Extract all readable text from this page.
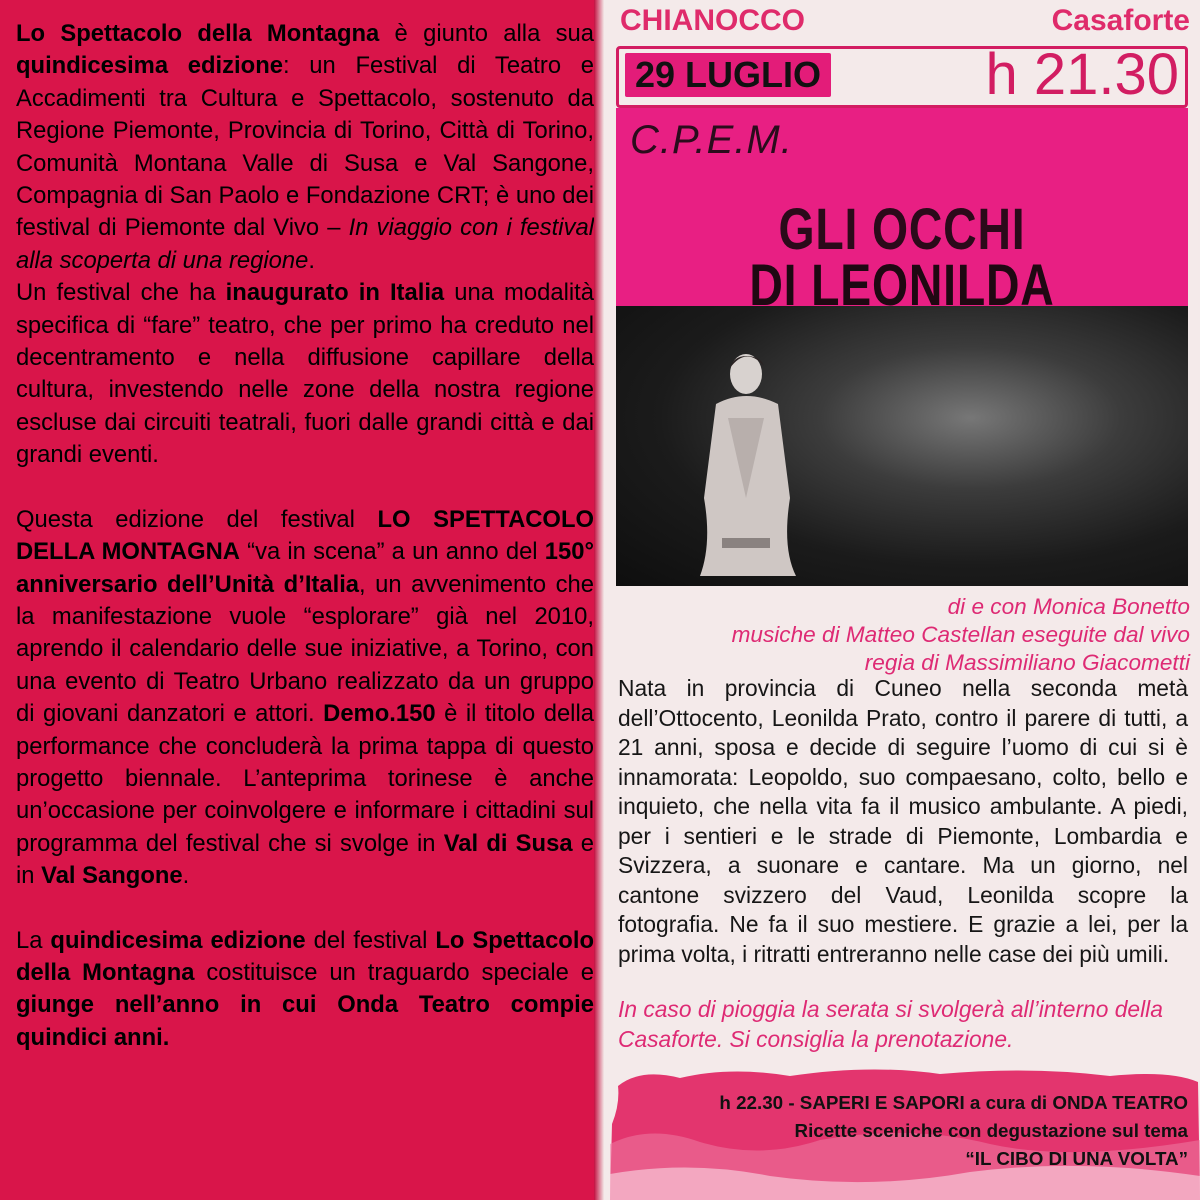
Lo Spettacolo della Montagna è giunto alla sua quindicesima edizione: un Festival di Teatro e Accadimenti tra Cultura e Spettacolo, sostenuto da Regione Piemonte, Provincia di Torino, Città di Torino, Comunità Montana Valle di Susa e Val Sangone, Compagnia di San Paolo e Fondazione CRT; è uno dei festival di Piemonte dal Vivo – In viaggio con i festival alla scoperta di una regione.

Un festival che ha inaugurato in Italia una modalità specifica di “fare” teatro, che per primo ha creduto nel decentramento e nella diffusione capillare della cultura, investendo nelle zone della nostra regione escluse dai circuiti teatrali, fuori dalle grandi città e dai grandi eventi.

Questa edizione del festival LO SPETTACOLO DELLA MONTAGNA “va in scena” a un anno del 150° anniversario dell’Unità d’Italia, un avvenimento che la manifestazione vuole “esplorare” già nel 2010, aprendo il calendario delle sue iniziative, a Torino, con una evento di Teatro Urbano realizzato da un gruppo di giovani danzatori e attori. Demo.150 è il titolo della performance che concluderà la prima tappa di questo progetto biennale. L’anteprima torinese è anche un’occasione per coinvolgere e informare i cittadini sul programma del festival che si svolge in Val di Susa e in Val Sangone.

La quindicesima edizione del festival Lo Spettacolo della Montagna costituisce un traguardo speciale e giunge nell’anno in cui Onda Teatro compie quindici anni.

CHIANOCCO	Casaforte
29 LUGLIO	h 21.30
C.P.E.M.
GLI OCCHI
DI LEONILDA
di e con Monica Bonetto
musiche di Matteo Castellan eseguite dal vivo
regia di Massimiliano Giacometti
Nata in provincia di Cuneo nella seconda metà dell’Ottocento, Leonilda Prato, contro il parere di tutti, a 21 anni, sposa e decide di seguire l’uomo di cui si è innamorata: Leopoldo, suo compaesano, colto, bello e inquieto, che nella vita fa il musico ambulante. A piedi, per i sentieri e le strade di Piemonte, Lombardia e Svizzera, a suonare e cantare. Ma un giorno, nel cantone svizzero del Vaud, Leonilda scopre la fotografia. Ne fa il suo mestiere. E grazie a lei, per la prima volta, i ritratti entreranno nelle case dei più umili.
In caso di pioggia la serata si svolgerà all’interno della Casaforte. Si consiglia la prenotazione.
h 22.30 - SAPERI E SAPORI a cura di ONDA TEATRO
Ricette sceniche con degustazione sul tema
“IL CIBO DI UNA VOLTA”
